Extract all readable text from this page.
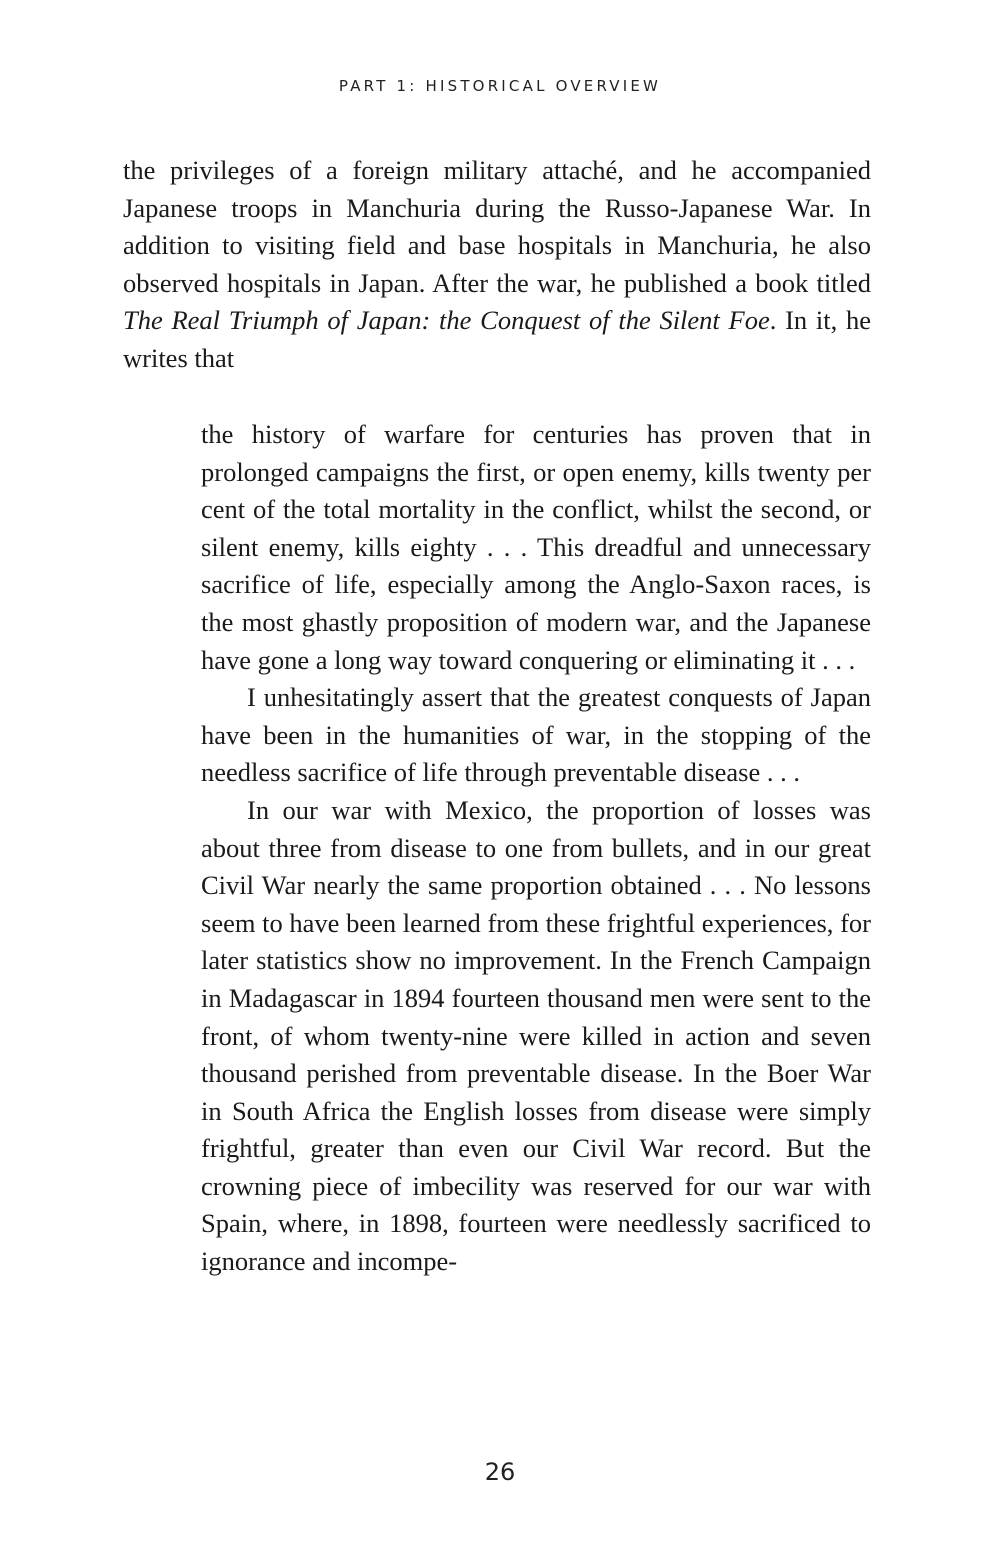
PART 1: HISTORICAL OVERVIEW
the privileges of a foreign military attaché, and he accompanied Japanese troops in Manchuria during the Russo-Japanese War. In addition to visiting field and base hospitals in Manchuria, he also observed hospitals in Japan. After the war, he published a book titled The Real Triumph of Japan: the Conquest of the Silent Foe. In it, he writes that

the history of warfare for centuries has proven that in prolonged campaigns the first, or open enemy, kills twenty per cent of the total mortality in the conflict, whilst the second, or silent enemy, kills eighty . . . This dreadful and unnecessary sacrifice of life, especially among the Anglo-Saxon races, is the most ghastly proposition of modern war, and the Japanese have gone a long way toward conquering or eliminating it . . .

I unhesitatingly assert that the greatest conquests of Japan have been in the humanities of war, in the stopping of the needless sacrifice of life through preventable disease . . .

In our war with Mexico, the proportion of losses was about three from disease to one from bullets, and in our great Civil War nearly the same proportion obtained . . . No lessons seem to have been learned from these frightful experiences, for later statistics show no improvement. In the French Campaign in Madagascar in 1894 fourteen thousand men were sent to the front, of whom twenty-nine were killed in action and seven thousand perished from preventable disease. In the Boer War in South Africa the English losses from disease were simply frightful, greater than even our Civil War record. But the crowning piece of imbecility was reserved for our war with Spain, where, in 1898, fourteen were needlessly sacrificed to ignorance and incompe-

26
